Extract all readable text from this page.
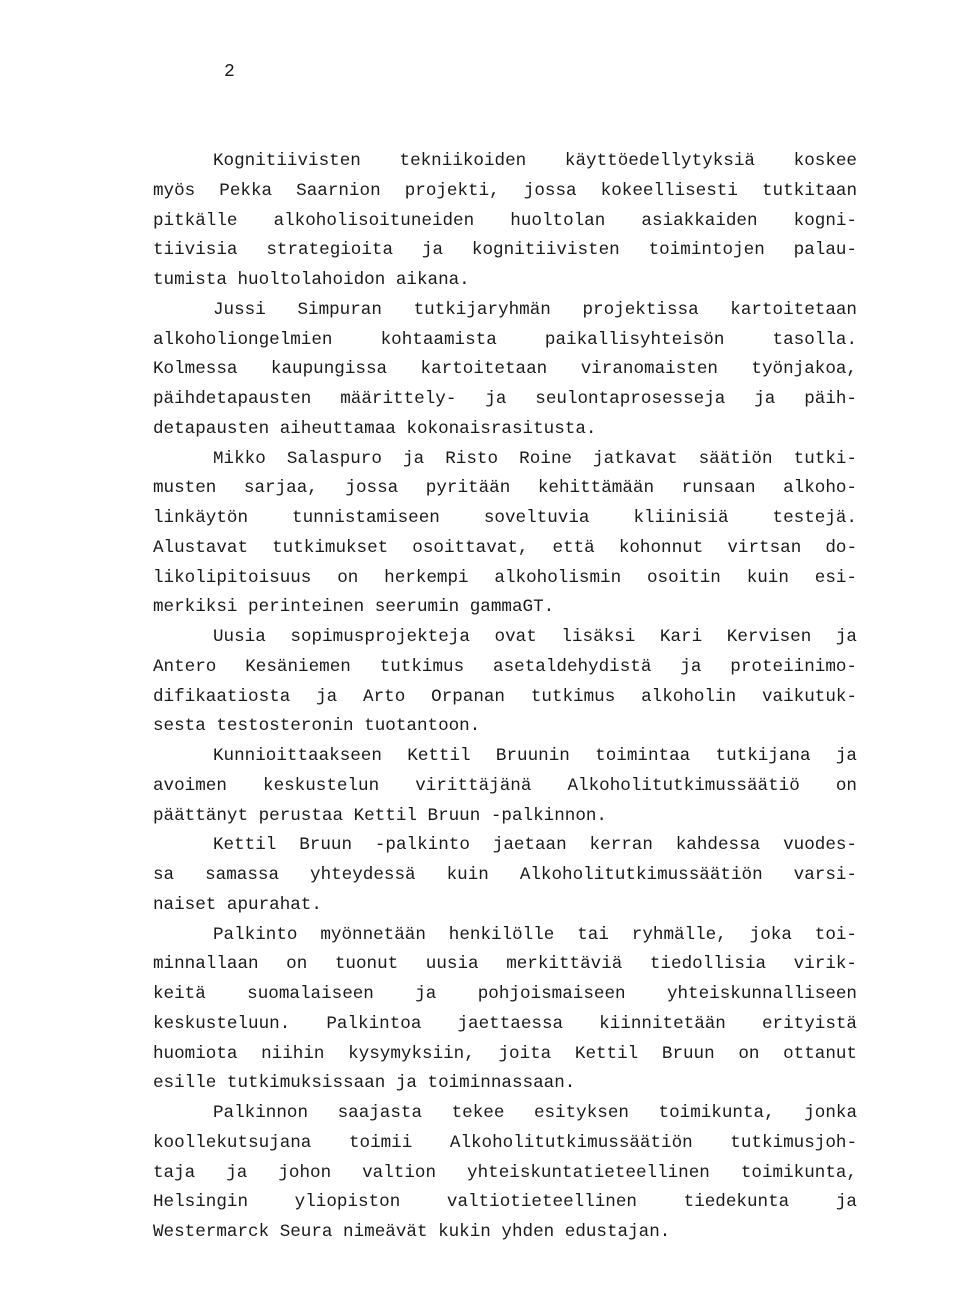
2
Kognitiivisten tekniikoiden käyttöedellytyksiä koskee
myös Pekka Saarnion projekti, jossa kokeellisesti tutkitaan
pitkälle alkoholisoituneiden huoltolan asiakkaiden kogni-
tiivisia strategioita ja kognitiivisten toimintojen palau-
tumista huoltolahoidon aikana.
Jussi Simpuran tutkijaryhmän projektissa kartoitetaan
alkoholiongelmien kohtaamista paikallisyhteisön tasolla.
Kolmessa kaupungissa kartoitetaan viranomaisten työnjakoa,
päihdetapausten määrittely- ja seulontaprosesseja ja päih-
detapausten aiheuttamaa kokonaisrasitusta.
Mikko Salaspuro ja Risto Roine jatkavat säätiön tutki-
musten sarjaa, jossa pyritään kehittämään runsaan alkoho-
linkäytön tunnistamiseen soveltuvia kliinisiä testejä.
Alustavat tutkimukset osoittavat, että kohonnut virtsan do-
likolipitoisuus on herkempi alkoholismin osoitin kuin esi-
merkiksi perinteinen seerumin gammaGT.
Uusia sopimusprojekteja ovat lisäksi Kari Kervisen ja
Antero Kesäniemen tutkimus asetaldehydistä ja proteiinimo-
difikaatiosta ja Arto Orpanan tutkimus alkoholin vaikutuk-
sesta testosteronin tuotantoon.
Kunnioittaakseen Kettil Bruunin toimintaa tutkijana ja
avoimen keskustelun virittäjänä Alkoholitutkimussäätiö on
päättänyt perustaa Kettil Bruun -palkinnon.
Kettil Bruun -palkinto jaetaan kerran kahdessa vuodes-
sa samassa yhteydessä kuin Alkoholitutkimussäätiön varsi-
naiset apurahat.
Palkinto myönnetään henkilölle tai ryhmälle, joka toi-
minnallaan on tuonut uusia merkittäviä tiedollisia virik-
keitä suomalaiseen ja pohjoismaiseen yhteiskunnalliseen
keskusteluun. Palkintoa jaettaessa kiinnitetään erityistä
huomiota niihin kysymyksiin, joita Kettil Bruun on ottanut
esille tutkimuksissaan ja toiminnassaan.
Palkinnon saajasta tekee esityksen toimikunta, jonka
koollekutsujana toimii Alkoholitutkimussäätiön tutkimusjoh-
taja ja johon valtion yhteiskuntatieteellinen toimikunta,
Helsingin yliopiston valtiotieteellinen tiedekunta ja
Westermarck Seura nimeävät kukin yhden edustajan.
